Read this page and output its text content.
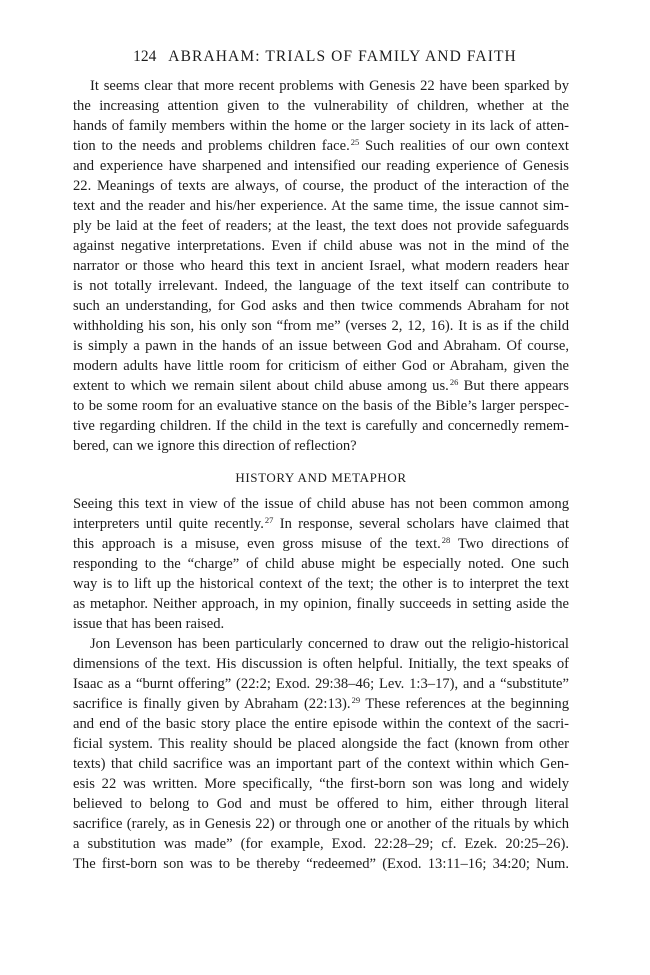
124 ABRAHAM: TRIALS OF FAMILY AND FAITH
It seems clear that more recent problems with Genesis 22 have been sparked by
the increasing attention given to the vulnerability of children, whether at the
hands of family members within the home or the larger society in its lack of atten-
tion to the needs and problems children face.$^{25}$ Such realities of our own context
and experience have sharpened and intensified our reading experience of Genesis
22. Meanings of texts are always, of course, the product of the interaction of the
text and the reader and his/her experience. At the same time, the issue cannot sim-
ply be laid at the feet of readers; at the least, the text does not provide safeguards
against negative interpretations. Even if child abuse was not in the mind of the
narrator or those who heard this text in ancient Israel, what modern readers hear
is not totally irrelevant. Indeed, the language of the text itself can contribute to
such an understanding, for God asks and then twice commends Abraham for not
withholding his son, his only son “from me” (verses 2, 12, 16). It is as if the child
is simply a pawn in the hands of an issue between God and Abraham. Of course,
modern adults have little room for criticism of either God or Abraham, given the
extent to which we remain silent about child abuse among us.$^{26}$ But there appears
to be some room for an evaluative stance on the basis of the Bible’s larger perspec-
tive regarding children. If the child in the text is carefully and concernedly remem-
bered, can we ignore this direction of reflection?
HISTORY AND METAPHOR
Seeing this text in view of the issue of child abuse has not been common among
interpreters until quite recently.$^{27}$ In response, several scholars have claimed that
this approach is a misuse, even gross misuse of the text.$^{28}$ Two directions of
responding to the “charge” of child abuse might be especially noted. One such
way is to lift up the historical context of the text; the other is to interpret the text
as metaphor. Neither approach, in my opinion, finally succeeds in setting aside the
issue that has been raised.
Jon Levenson has been particularly concerned to draw out the religio-historical
dimensions of the text. His discussion is often helpful. Initially, the text speaks of
Isaac as a “burnt offering” (22:2; Exod. 29:38–46; Lev. 1:3–17), and a “substitute”
sacrifice is finally given by Abraham (22:13).$^{29}$ These references at the beginning
and end of the basic story place the entire episode within the context of the sacri-
ficial system. This reality should be placed alongside the fact (known from other
texts) that child sacrifice was an important part of the context within which Gen-
esis 22 was written. More specifically, “the first-born son was long and widely
believed to belong to God and must be offered to him, either through literal
sacrifice (rarely, as in Genesis 22) or through one or another of the rituals by which
a substitution was made” (for example, Exod. 22:28–29; cf. Ezek. 20:25–26).
The first-born son was to be thereby “redeemed” (Exod. 13:11–16; 34:20; Num.
